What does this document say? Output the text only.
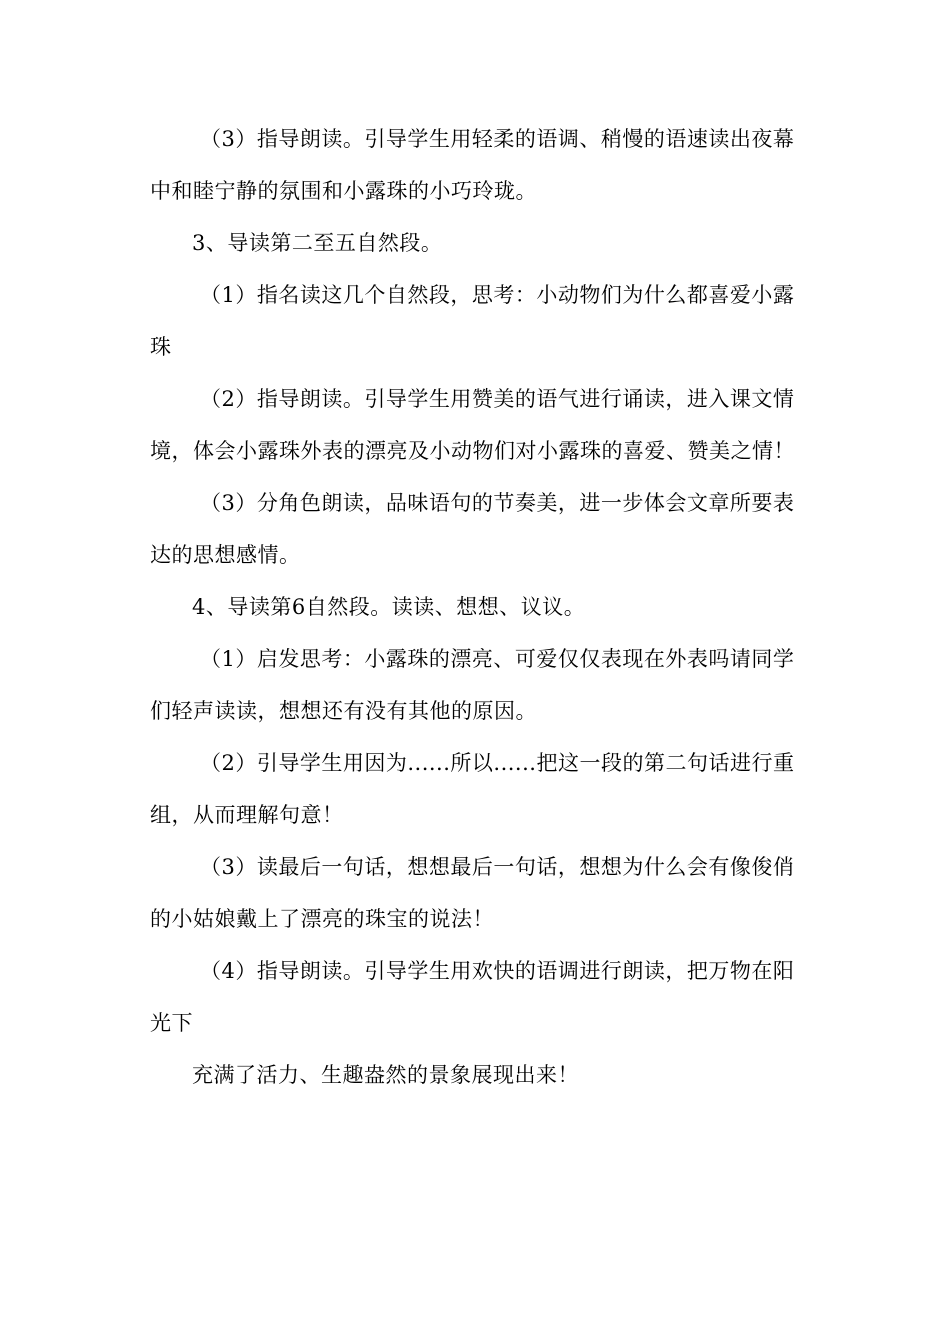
（3）指导朗读。引导学生用轻柔的语调、稍慢的语速读出夜幕中和睦宁静的氛围和小露珠的小巧玲珑。

3、导读第二至五自然段。

（1）指名读这几个自然段，思考：小动物们为什么都喜爱小露珠

（2）指导朗读。引导学生用赞美的语气进行诵读，进入课文情境，体会小露珠外表的漂亮及小动物们对小露珠的喜爱、赞美之情！

（3）分角色朗读，品味语句的节奏美，进一步体会文章所要表达的思想感情。

4、导读第6自然段。读读、想想、议议。

（1）启发思考：小露珠的漂亮、可爱仅仅表现在外表吗请同学们轻声读读，想想还有没有其他的原因。

（2）引导学生用因为......所以......把这一段的第二句话进行重组，从而理解句意！

（3）读最后一句话，想想最后一句话，想想为什么会有像俊俏的小姑娘戴上了漂亮的珠宝的说法！

（4）指导朗读。引导学生用欢快的语调进行朗读，把万物在阳光下

充满了活力、生趣盎然的景象展现出来！
